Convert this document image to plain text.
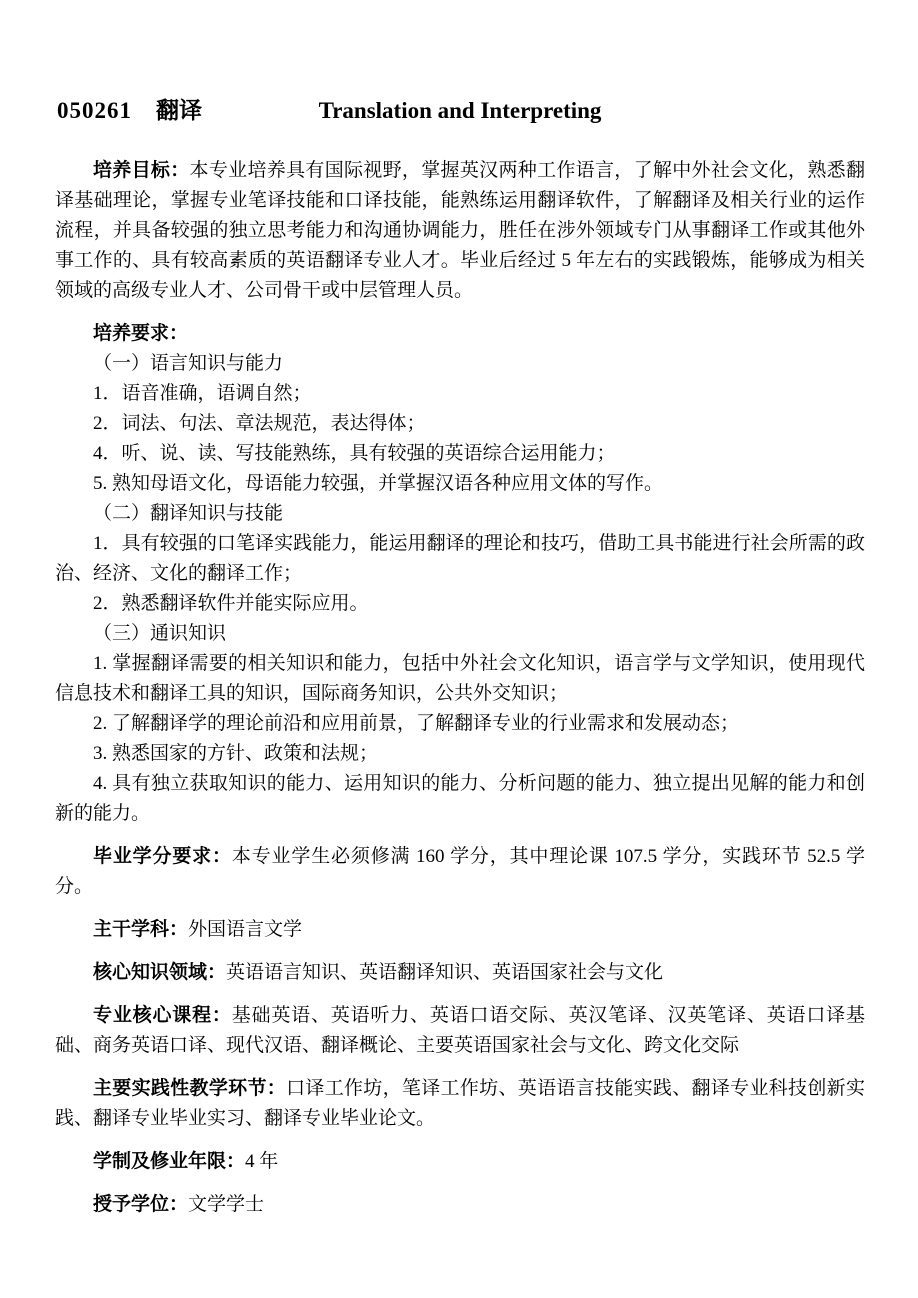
050261 翻译	Translation and Interpreting

培养目标：本专业培养具有国际视野，掌握英汉两种工作语言，了解中外社会文化，熟悉翻译基础理论，掌握专业笔译技能和口译技能，能熟练运用翻译软件，了解翻译及相关行业的运作流程，并具备较强的独立思考能力和沟通协调能力，胜任在涉外领域专门从事翻译工作或其他外事工作的、具有较高素质的英语翻译专业人才。毕业后经过 5 年左右的实践锻炼，能够成为相关领域的高级专业人才、公司骨干或中层管理人员。

培养要求：

（一）语言知识与能力

1．语音准确，语调自然；

2．词法、句法、章法规范，表达得体；

4．听、说、读、写技能熟练，具有较强的英语综合运用能力；

5. 熟知母语文化，母语能力较强，并掌握汉语各种应用文体的写作。

（二）翻译知识与技能

1．具有较强的口笔译实践能力，能运用翻译的理论和技巧，借助工具书能进行社会所需的政治、经济、文化的翻译工作；

2．熟悉翻译软件并能实际应用。

（三）通识知识

1. 掌握翻译需要的相关知识和能力，包括中外社会文化知识，语言学与文学知识，使用现代信息技术和翻译工具的知识，国际商务知识，公共外交知识；

2. 了解翻译学的理论前沿和应用前景，了解翻译专业的行业需求和发展动态；

3. 熟悉国家的方针、政策和法规；

4. 具有独立获取知识的能力、运用知识的能力、分析问题的能力、独立提出见解的能力和创新的能力。

毕业学分要求：本专业学生必须修满 160 学分，其中理论课 107.5 学分，实践环节 52.5 学分。

主干学科：外国语言文学

核心知识领域：英语语言知识、英语翻译知识、英语国家社会与文化

专业核心课程：基础英语、英语听力、英语口语交际、英汉笔译、汉英笔译、英语口译基础、商务英语口译、现代汉语、翻译概论、主要英语国家社会与文化、跨文化交际

主要实践性教学环节：口译工作坊，笔译工作坊、英语语言技能实践、翻译专业科技创新实践、翻译专业毕业实习、翻译专业毕业论文。

学制及修业年限：4 年

授予学位：文学学士
